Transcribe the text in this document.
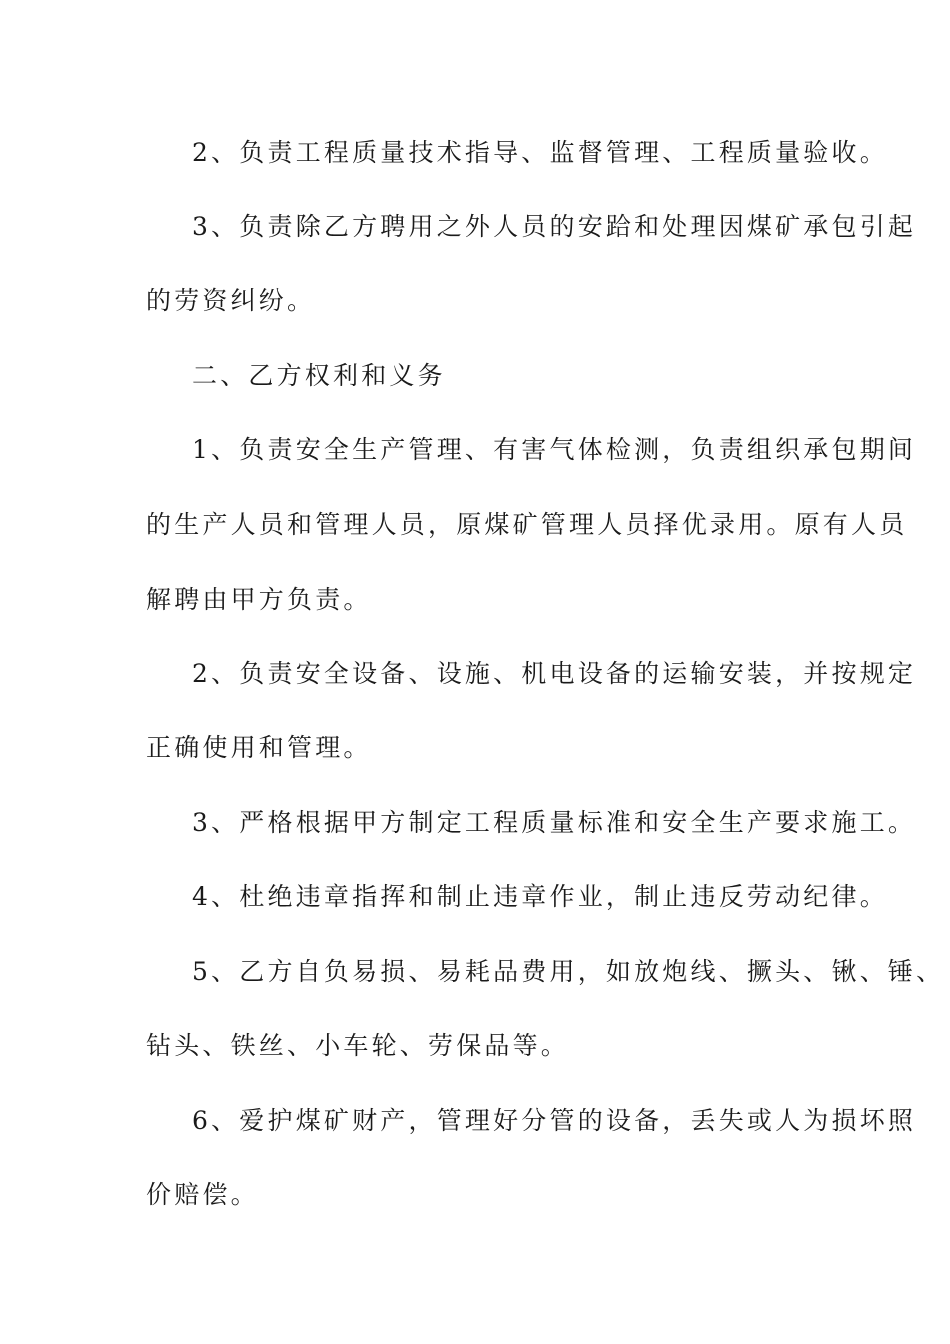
2、负责工程质量技术指导、监督管理、工程质量验收。
3、负责除乙方聘用之外人员的安跲和处理因煤矿承包引起
的劳资纠纷。
二、乙方权利和义务
1、负责安全生产管理、有害气体检测，负责组织承包期间
的生产人员和管理人员，原煤矿管理人员择优录用。原有人员
解聘由甲方负责。
2、负责安全设备、设施、机电设备的运输安装，并按规定
正确使用和管理。
3、严格根据甲方制定工程质量标准和安全生产要求施工。
4、杜绝违章指挥和制止违章作业，制止违反劳动纪律。
5、乙方自负易损、易耗品费用，如放炮线、撅头、锹、锤、
钻头、铁丝、小车轮、劳保品等。
6、爱护煤矿财产，管理好分管的设备，丢失或人为损坏照
价赔偿。
